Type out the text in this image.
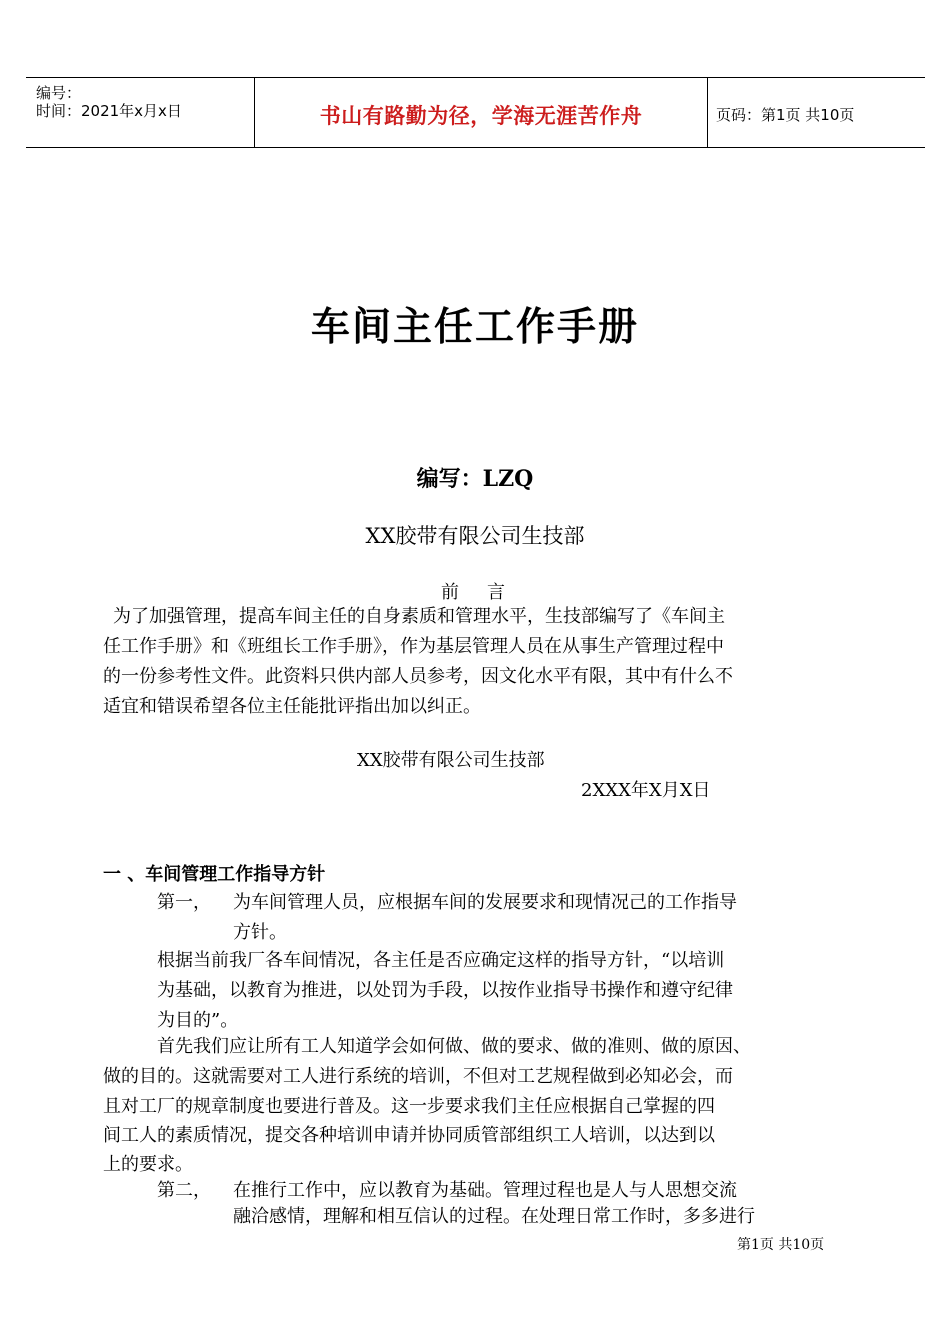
编号：
时间：2021年x月x日	书山有路勤为径，学海无涯苦作舟	页码：第1页 共10页
车间主任工作手册
编写：LZQ
XX胶带有限公司生技部
前言
为了加强管理，提高车间主任的自身素质和管理水平，生技部编写了《车间主
任工作手册》和《班组长工作手册》，作为基层管理人员在从事生产管理过程中
的一份参考性文件。此资料只供内部人员参考，因文化水平有限，其中有什么不
适宜和错误希望各位主任能批评指出加以纠正。
XX胶带有限公司生技部
2XXX年X月X日
一 、车间管理工作指导方针
第一， 为车间管理人员，应根据车间的发展要求和现情况己的工作指导
方针。
根据当前我厂各车间情况，各主任是否应确定这样的指导方针，“以培训
为基础，以教育为推进，以处罚为手段，以按作业指导书操作和遵守纪律
为目的”。
首先我们应让所有工人知道学会如何做、做的要求、做的准则、做的原因、
做的目的。这就需要对工人进行系统的培训，不但对工艺规程做到必知必会，而
且对工厂的规章制度也要进行普及。这一步要求我们主任应根据自己掌握的四
间工人的素质情况，提交各种培训申请并协同质管部组织工人培训，以达到以
上的要求。
第二， 在推行工作中，应以教育为基础。管理过程也是人与人思想交流
融洽感情，理解和相互信认的过程。在处理日常工作时，多多进行
第1页 共10页
